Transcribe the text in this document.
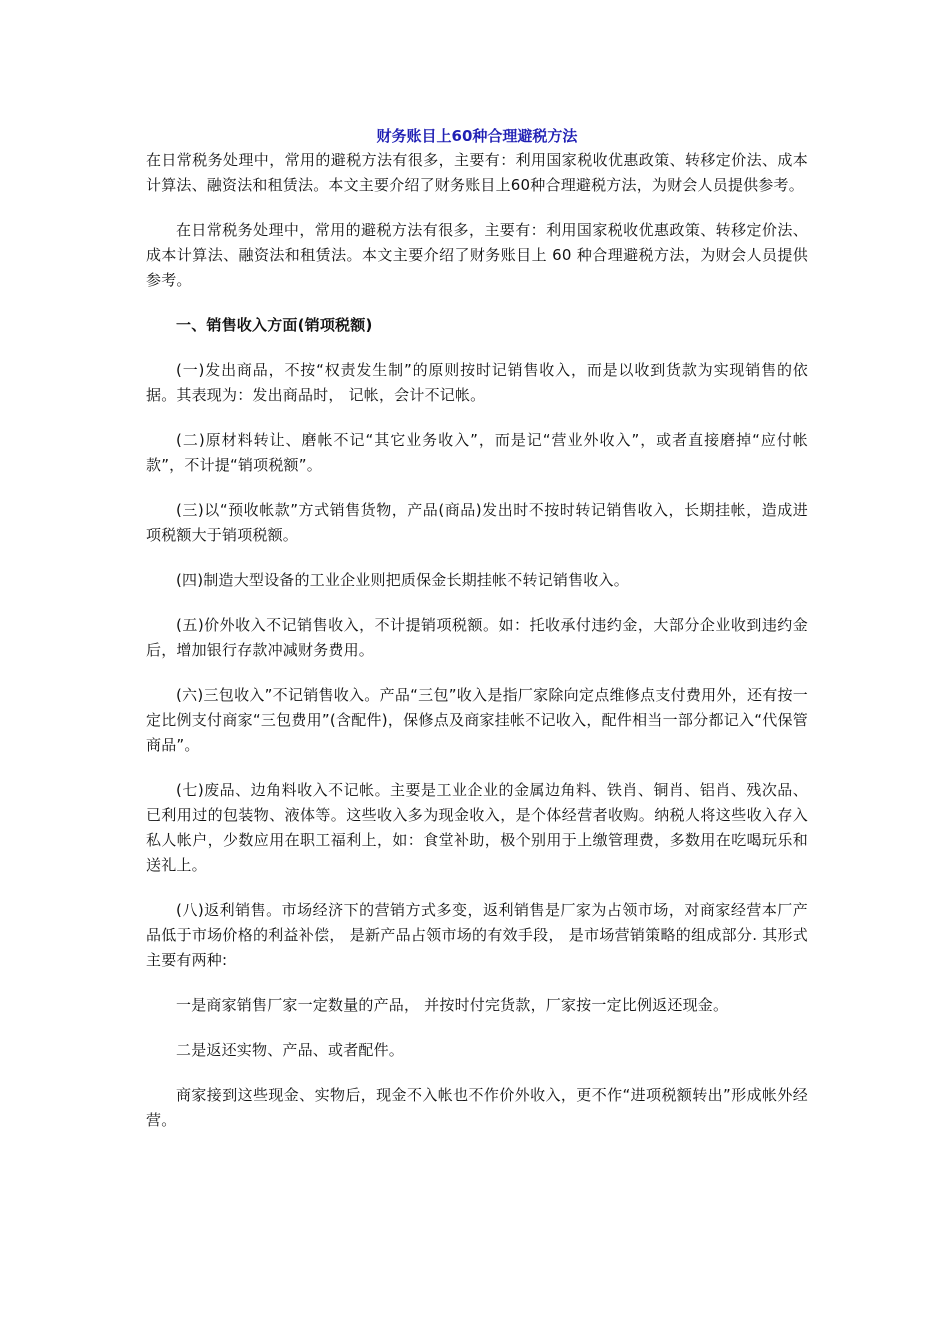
财务账目上60种合理避税方法

在日常税务处理中，常用的避税方法有很多，主要有：利用国家税收优惠政策、转移定价法、成本计算法、融资法和租赁法。本文主要介绍了财务账目上60种合理避税方法，为财会人员提供参考。

在日常税务处理中，常用的避税方法有很多，主要有：利用国家税收优惠政策、转移定价法、成本计算法、融资法和租赁法。本文主要介绍了财务账目上 60 种合理避税方法，为财会人员提供参考。

一、销售收入方面(销项税额)

(一)发出商品，不按“权责发生制”的原则按时记销售收入，而是以收到货款为实现销售的依据。其表现为：发出商品时， 记帐，会计不记帐。

(二)原材料转让、磨帐不记“其它业务收入”，而是记“营业外收入”，或者直接磨掉“应付帐款”，不计提“销项税额”。

(三)以“预收帐款”方式销售货物，产品(商品)发出时不按时转记销售收入，长期挂帐，造成进项税额大于销项税额。

(四)制造大型设备的工业企业则把质保金长期挂帐不转记销售收入。

(五)价外收入不记销售收入，不计提销项税额。如：托收承付违约金，大部分企业收到违约金后，增加银行存款冲减财务费用。

(六)三包收入”不记销售收入。产品“三包”收入是指厂家除向定点维修点支付费用外，还有按一定比例支付商家“三包费用”(含配件)，保修点及商家挂帐不记收入，配件相当一部分都记入“代保管商品”。

(七)废品、边角料收入不记帐。主要是工业企业的金属边角料、铁肖、铜肖、铝肖、残次品、已利用过的包装物、液体等。这些收入多为现金收入，是个体经营者收购。纳税人将这些收入存入私人帐户，少数应用在职工福利上，如：食堂补助，极个别用于上缴管理费，多数用在吃喝玩乐和送礼上。

(八)返利销售。市场经济下的营销方式多变，返利销售是厂家为占领市场，对商家经营本厂产品低于市场价格的利益补偿， 是新产品占领市场的有效手段， 是市场营销策略的组成部分. 其形式主要有两种:

一是商家销售厂家一定数量的产品， 并按时付完货款，厂家按一定比例返还现金。

二是返还实物、产品、或者配件。

商家接到这些现金、实物后，现金不入帐也不作价外收入，更不作“进项税额转出”形成帐外经营。
